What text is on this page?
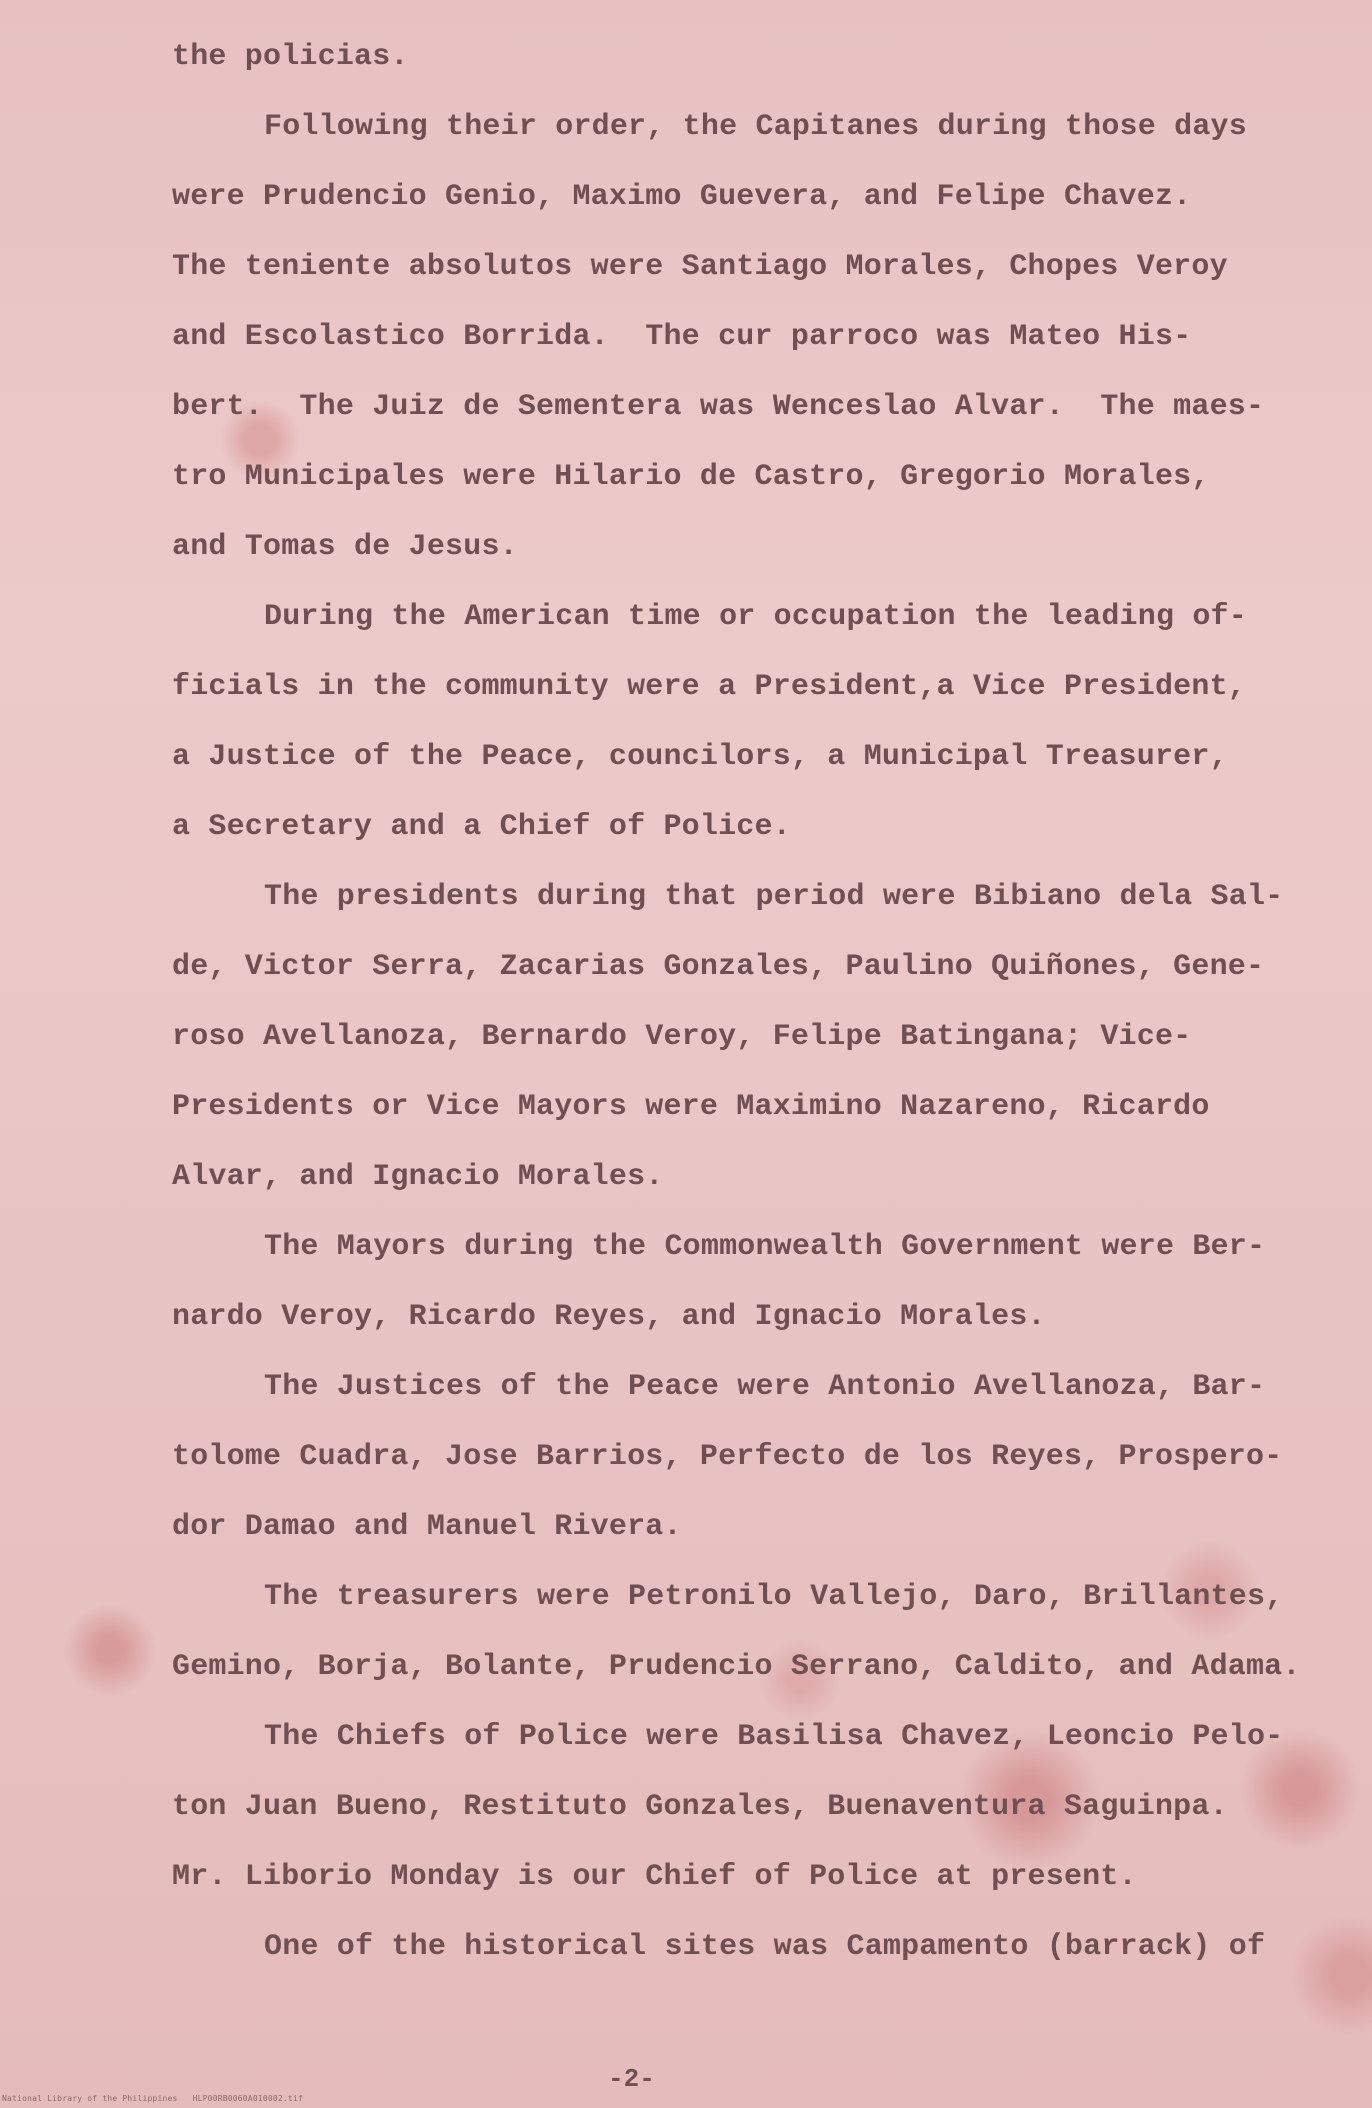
the policias.
Following their order, the Capitanes during those days
were Prudencio Genio, Maximo Guevera, and Felipe Chavez.
The teniente absolutos were Santiago Morales, Chopes Veroy
and Escolastico Borrida.  The cur parroco was Mateo His-
bert.  The Juiz de Sementera was Wenceslao Alvar.  The maes-
tro Municipales were Hilario de Castro, Gregorio Morales,
and Tomas de Jesus.
During the American time or occupation the leading of-
ficials in the community were a President,a Vice President,
a Justice of the Peace, councilors, a Municipal Treasurer,
a Secretary and a Chief of Police.
The presidents during that period were Bibiano dela Sal-
de, Victor Serra, Zacarias Gonzales, Paulino Quiñones, Gene-
roso Avellanoza, Bernardo Veroy, Felipe Batingana; Vice-
Presidents or Vice Mayors were Maximino Nazareno, Ricardo
Alvar, and Ignacio Morales.
The Mayors during the Commonwealth Government were Ber-
nardo Veroy, Ricardo Reyes, and Ignacio Morales.
The Justices of the Peace were Antonio Avellanoza, Bar-
tolome Cuadra, Jose Barrios, Perfecto de los Reyes, Prospero-
dor Damao and Manuel Rivera.
The treasurers were Petronilo Vallejo, Daro, Brillantes,
Gemino, Borja, Bolante, Prudencio Serrano, Caldito, and Adama.
The Chiefs of Police were Basilisa Chavez, Leoncio Pelo-
ton Juan Bueno, Restituto Gonzales, Buenaventura Saguinpa.
Mr. Liborio Monday is our Chief of Police at present.
One of the historical sites was Campamento (barrack) of
-2-
National Library of the Philippines   HLP00RB0060A010002.tif
